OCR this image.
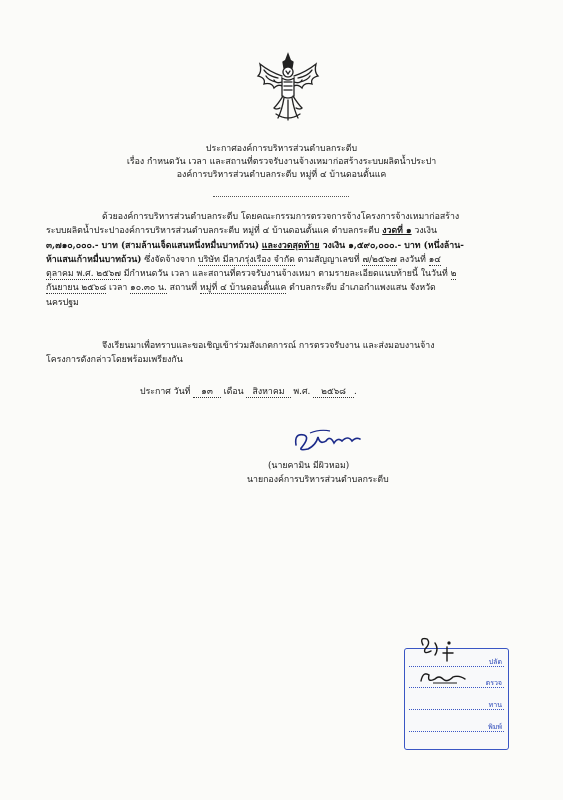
ประกาศองค์การบริหารส่วนตำบลกระตีบ
เรื่อง กำหนดวัน เวลา และสถานที่ตรวจรับงานจ้างเหมาก่อสร้างระบบผลิตน้ำประปา
องค์การบริหารส่วนตำบลกระตีบ หมู่ที่ ๔ บ้านดอนตั้นแค
ด้วยองค์การบริหารส่วนตำบลกระตีบ โดยคณะกรรมการตรวจการจ้างโครงการจ้างเหมาก่อสร้าง
ระบบผลิตน้ำประปาองค์การบริหารส่วนตำบลกระตีบ หมู่ที่ ๔ บ้านดอนตั้นแค ตำบลกระตีบ งวดที่ ๑ วงเงิน
๓,๗๑๐,๐๐๐.- บาท (สามล้านเจ็ดแสนหนึ่งหมื่นบาทถ้วน) และงวดสุดท้าย วงเงิน ๑,๕๙๐,๐๐๐.- บาท (หนึ่งล้าน-
ห้าแสนเก้าหมื่นบาทถ้วน) ซึ่งจัดจ้างจาก บริษัท มีลาภรุ่งเรือง จำกัด ตามสัญญาเลขที่ ๗/๒๕๖๗ ลงวันที่ ๑๔
ตุลาคม พ.ศ. ๒๕๖๗ มีกำหนดวัน เวลา และสถานที่ตรวจรับงานจ้างเหมา ตามรายละเอียดแนบท้ายนี้ ในวันที่ ๒
กันยายน ๒๕๖๘ เวลา ๑๐.๓๐ น. สถานที่ หมู่ที่ ๔ บ้านดอนตั้นแค ตำบลกระตีบ อำเภอกำแพงแสน จังหวัด
นครปฐม
จึงเรียนมาเพื่อทราบและขอเชิญเข้าร่วมสังเกตการณ์ การตรวจรับงาน และส่งมอบงานจ้าง
โครงการดังกล่าวโดยพร้อมเพรียงกัน
ประกาศ วันที่ ๑๓ เดือน สิงหาคม พ.ศ. ๒๕๖๘ .
(นายคามิน มีผิวหอม)
นายกองค์การบริหารส่วนตำบลกระตีบ
ปลัด
ตรวจ
ทาน
พิมพ์
